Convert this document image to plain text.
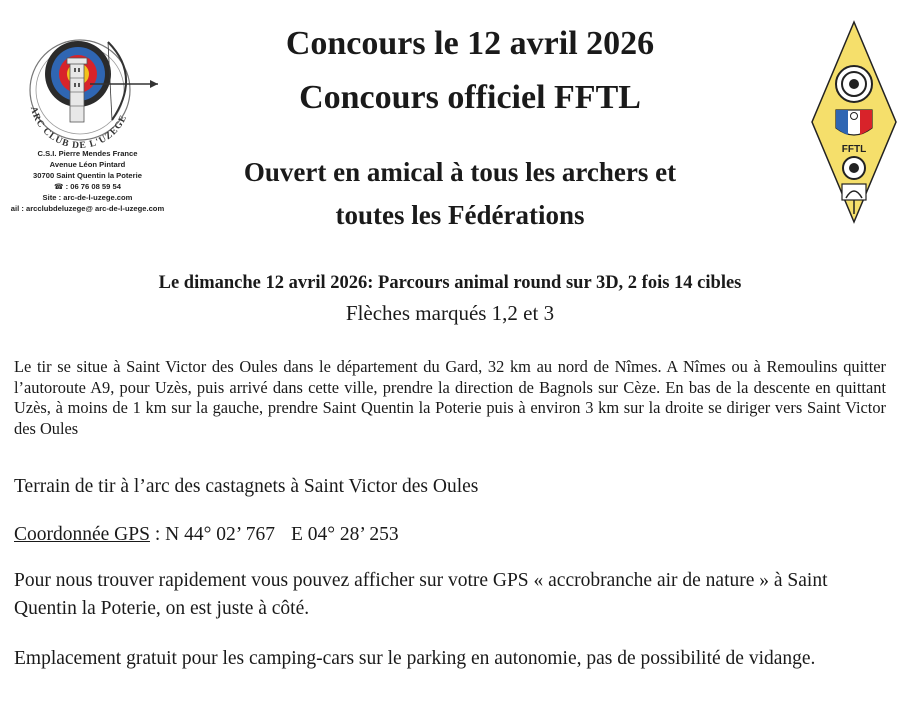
ARC CLUB DE L'UZEGE
C.S.I. Pierre Mendes France
Avenue Léon Pintard
30700 Saint Quentin la Poterie
☎ : 06 76 08 59 54
Site : arc-de-l-uzege.com
ail : arcclubdeluzege@ arc-de-l-uzege.com
FFTL
Concours le 12 avril 2026
Concours officiel FFTL
Ouvert en amical à tous les archers et
toutes les Fédérations
Le dimanche 12 avril 2026: Parcours animal round sur 3D, 2 fois 14 cibles
Flèches marqués 1,2 et 3
Le tir se situe à Saint Victor des Oules dans le département du Gard, 32 km au nord de Nîmes. A Nîmes ou à Remoulins quitter l’autoroute A9, pour Uzès, puis arrivé dans cette ville, prendre la direction de Bagnols sur Cèze. En bas de la descente en quittant Uzès, à moins de 1 km sur la gauche, prendre Saint Quentin la Poterie puis à environ 3 km sur la droite se diriger vers Saint Victor des Oules
Terrain de tir à l’arc des castagnets à Saint Victor des Oules
Coordonnée GPS : N 44° 02’ 767 E 04° 28’ 253
Pour nous trouver rapidement vous pouvez afficher sur votre GPS « accrobranche air de nature » à Saint Quentin la Poterie, on est juste à côté.
Emplacement gratuit pour les camping-cars sur le parking en autonomie, pas de possibilité de vidange.
